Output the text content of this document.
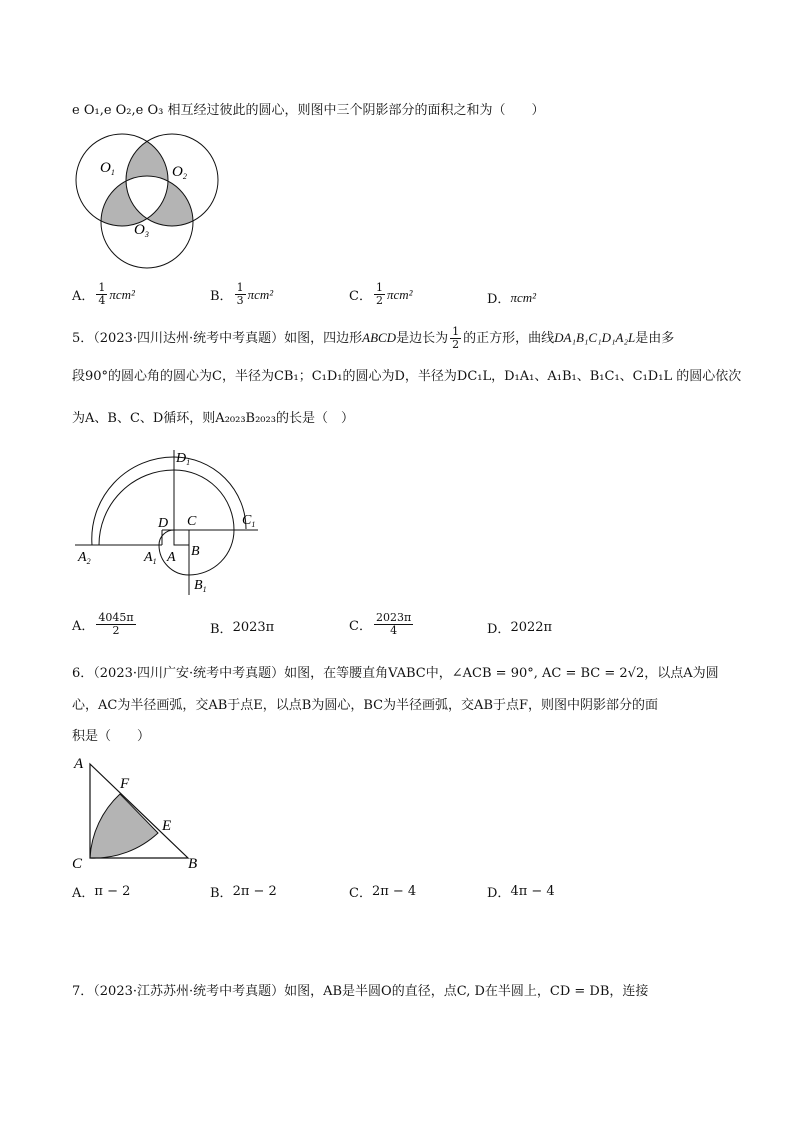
e O₁,e O₂,e O₃ 相互经过彼此的圆心，则图中三个阴影部分的面积之和为（　　）
$O_1$	$O_2$
$O_3$
A． $\frac{1}{4} \pi cm^2$	B． $\frac{1}{3} \pi cm^2$	C． $\frac{1}{2} \pi cm^2$	D． πcm²
5．（2023·四川达州·统考中考真题）如图，四边形ABCD是边长为 $\frac{1}{2}$ 的正方形，曲线DA₁B₁C₁D₁A₂L是由多
段90°的圆心角的圆心为C，半径为CB₁；C₁D₁的圆心为D，半径为DC₁L，D₁A₁、A₁B₁、B₁C₁、C₁D₁L 的圆心依次
为A、B、C、D循环，则A₂₀₂₃B₂₀₂₃的长是（　）
$D_1$
$C_1$
D C
A B
$A_1$
$A_2$
$B_1$
A． $\frac{4045\pi}{2}$	B． 2023π	C． $\frac{2023\pi}{4}$	D． 2022π
6．（2023·四川广安·统考中考真题）如图，在等腰直角VABC中，∠ACB = 90°, AC = BC = 2√2，以点A为圆
心，AC为半径画弧，交AB于点E，以点B为圆心，BC为半径画弧，交AB于点F，则图中阴影部分的面
积是（　　）
A
F
E
C	B
A． π − 2	B． 2π − 2	C． 2π − 4	D． 4π − 4
7．（2023·江苏苏州·统考中考真题）如图，AB是半圆O的直径，点C, D在半圆上，CD = DB，连接
